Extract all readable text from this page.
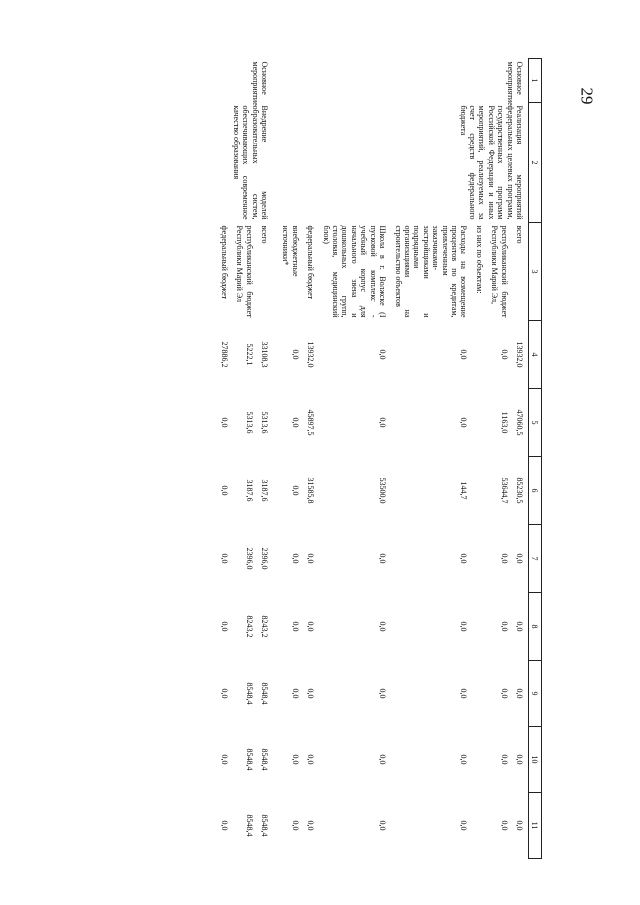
29
1	2	3	4	5	6	7	8	9	10	11
Основное мероприятие	Реализация мероприятий федеральных целевых программ, государственных программ Российской Федерации и иных мероприятий, реализуемых за счет средств федерального бюджета	всего	13932,0	47060,5	85230,5	0,0	0,0	0,0	0,0	0,0
		республиканский бюджет Республики Марий Эл,	0,0	1163,0	53644,7	0,0	0,0	0,0	0,0	0,0
		из них по объектам:								
		Расходы на возмещение процентов по кредитам, привлеченным заказчиками-застройщиками и подрядными организациями на строительство объектов	0,0	0,0	144,7	0,0	0,0	0,0	0,0	0,0
		Школа в г. Волжске (I пусковой комплекс - учебный корпус для начального звена и дошкольных групп, столовая, медицинский блок)	0,0	0,0	53500,0	0,0	0,0	0,0	0,0	0,0
		федеральный бюджет	13932,0	45897,5	31585,8	0,0	0,0	0,0	0,0	0,0
		внебюджетные источники*	0,0	0,0	0,0	0,0	0,0	0,0	0,0	0,0
Основное мероприятие	Внедрение моделей образовательных систем, обеспечивающих современное качество образования	всего	33108,3	5313,6	3187,6	2396,0	8243,2	8548,4	8548,4	8548,4
		республиканский бюджет Республики Марий Эл	5222,1	5313,6	3187,6	2396,0	8243,2	8548,4	8548,4	8548,4
		федеральный бюджет	27886,2	0,0	0,0	0,0	0,0	0,0	0,0	0,0
